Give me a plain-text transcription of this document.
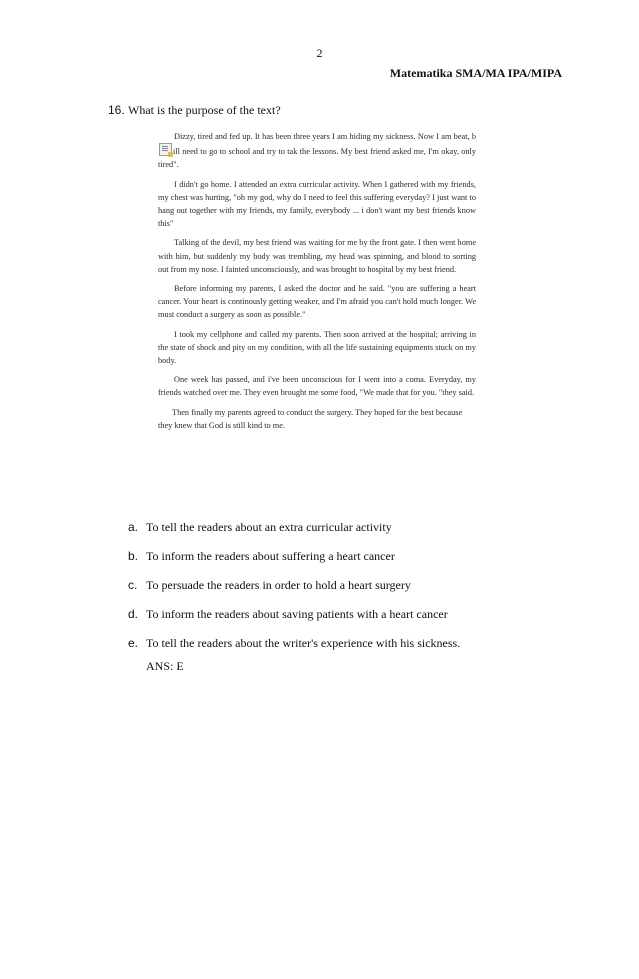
2
Matematika SMA/MA IPA/MIPA
16. What is the purpose of the text?

Dizzy, tired and fed up. It has been three years I am hiding my sickness. Now I am beat, bill need to go to school and try to tak the lessons. My best friend asked me, I'm okay, only tired".

I didn't go home. I attended an extra curricular activity. When I gathered with my friends, my chest was hurting, "oh my god, why do I need to feel this suffering everyday? I just want to hang out together with my friends, my family, everybody ... i don't want my best friends know this"

Talking of the devil, my best friend was waiting for me by the front gate. I then went home with him, but suddenly my body was trembling, my head was spinning, and blood to sorting out from my nose. I fainted unconsciously, and was brought to hospital by my best friend.

Before informing my parents, I asked the doctor and he said. "you are suffering a heart cancer. Your heart is continously getting weaker, and I'm afraid you can't hold much longer. We must conduct a surgery as soon as possible."

I took my cellphone and called my parents. Then soon arrived at the hospital; arriving in the state of shock and pity on my condition, with all the life sustaining equipments stuck on my body.

One week has passed, and i've been unconscious for I went into a coma. Everyday, my friends watched over me. They even brought me some food, "We made that for you. "they said.

Then finally my parents agreed to conduct the surgery. They hoped for the best because they knew that God is still kind to me.

a. To tell the readers about an extra curricular activity
b. To inform the readers about suffering a heart cancer
c. To persuade the readers in order to hold a heart surgery
d. To inform the readers about saving patients with a heart cancer
e. To tell the readers about the writer's experience with his sickness.
ANS: E
